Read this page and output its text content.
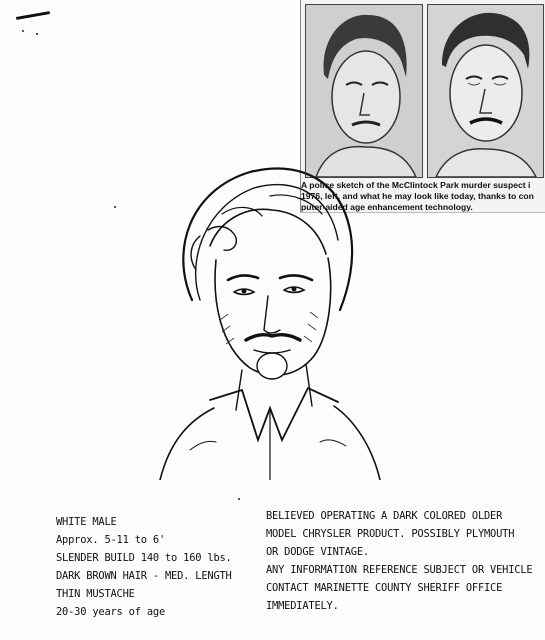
A police sketch of the McClintock Park murder suspect i
1976, left, and what he may look like today, thanks to con
puter-aided age enhancement technology.
WHITE MALE
Approx. 5-11 to 6'
SLENDER BUILD 140 to 160 lbs.
DARK BROWN HAIR - MED. LENGTH
THIN MUSTACHE
20-30 years of age
BELIEVED OPERATING A DARK COLORED OLDER
MODEL CHRYSLER PRODUCT. POSSIBLY PLYMOUTH
OR DODGE VINTAGE.
ANY INFORMATION REFERENCE SUBJECT OR VEHICLE
CONTACT MARINETTE COUNTY SHERIFF OFFICE
IMMEDIATELY.
